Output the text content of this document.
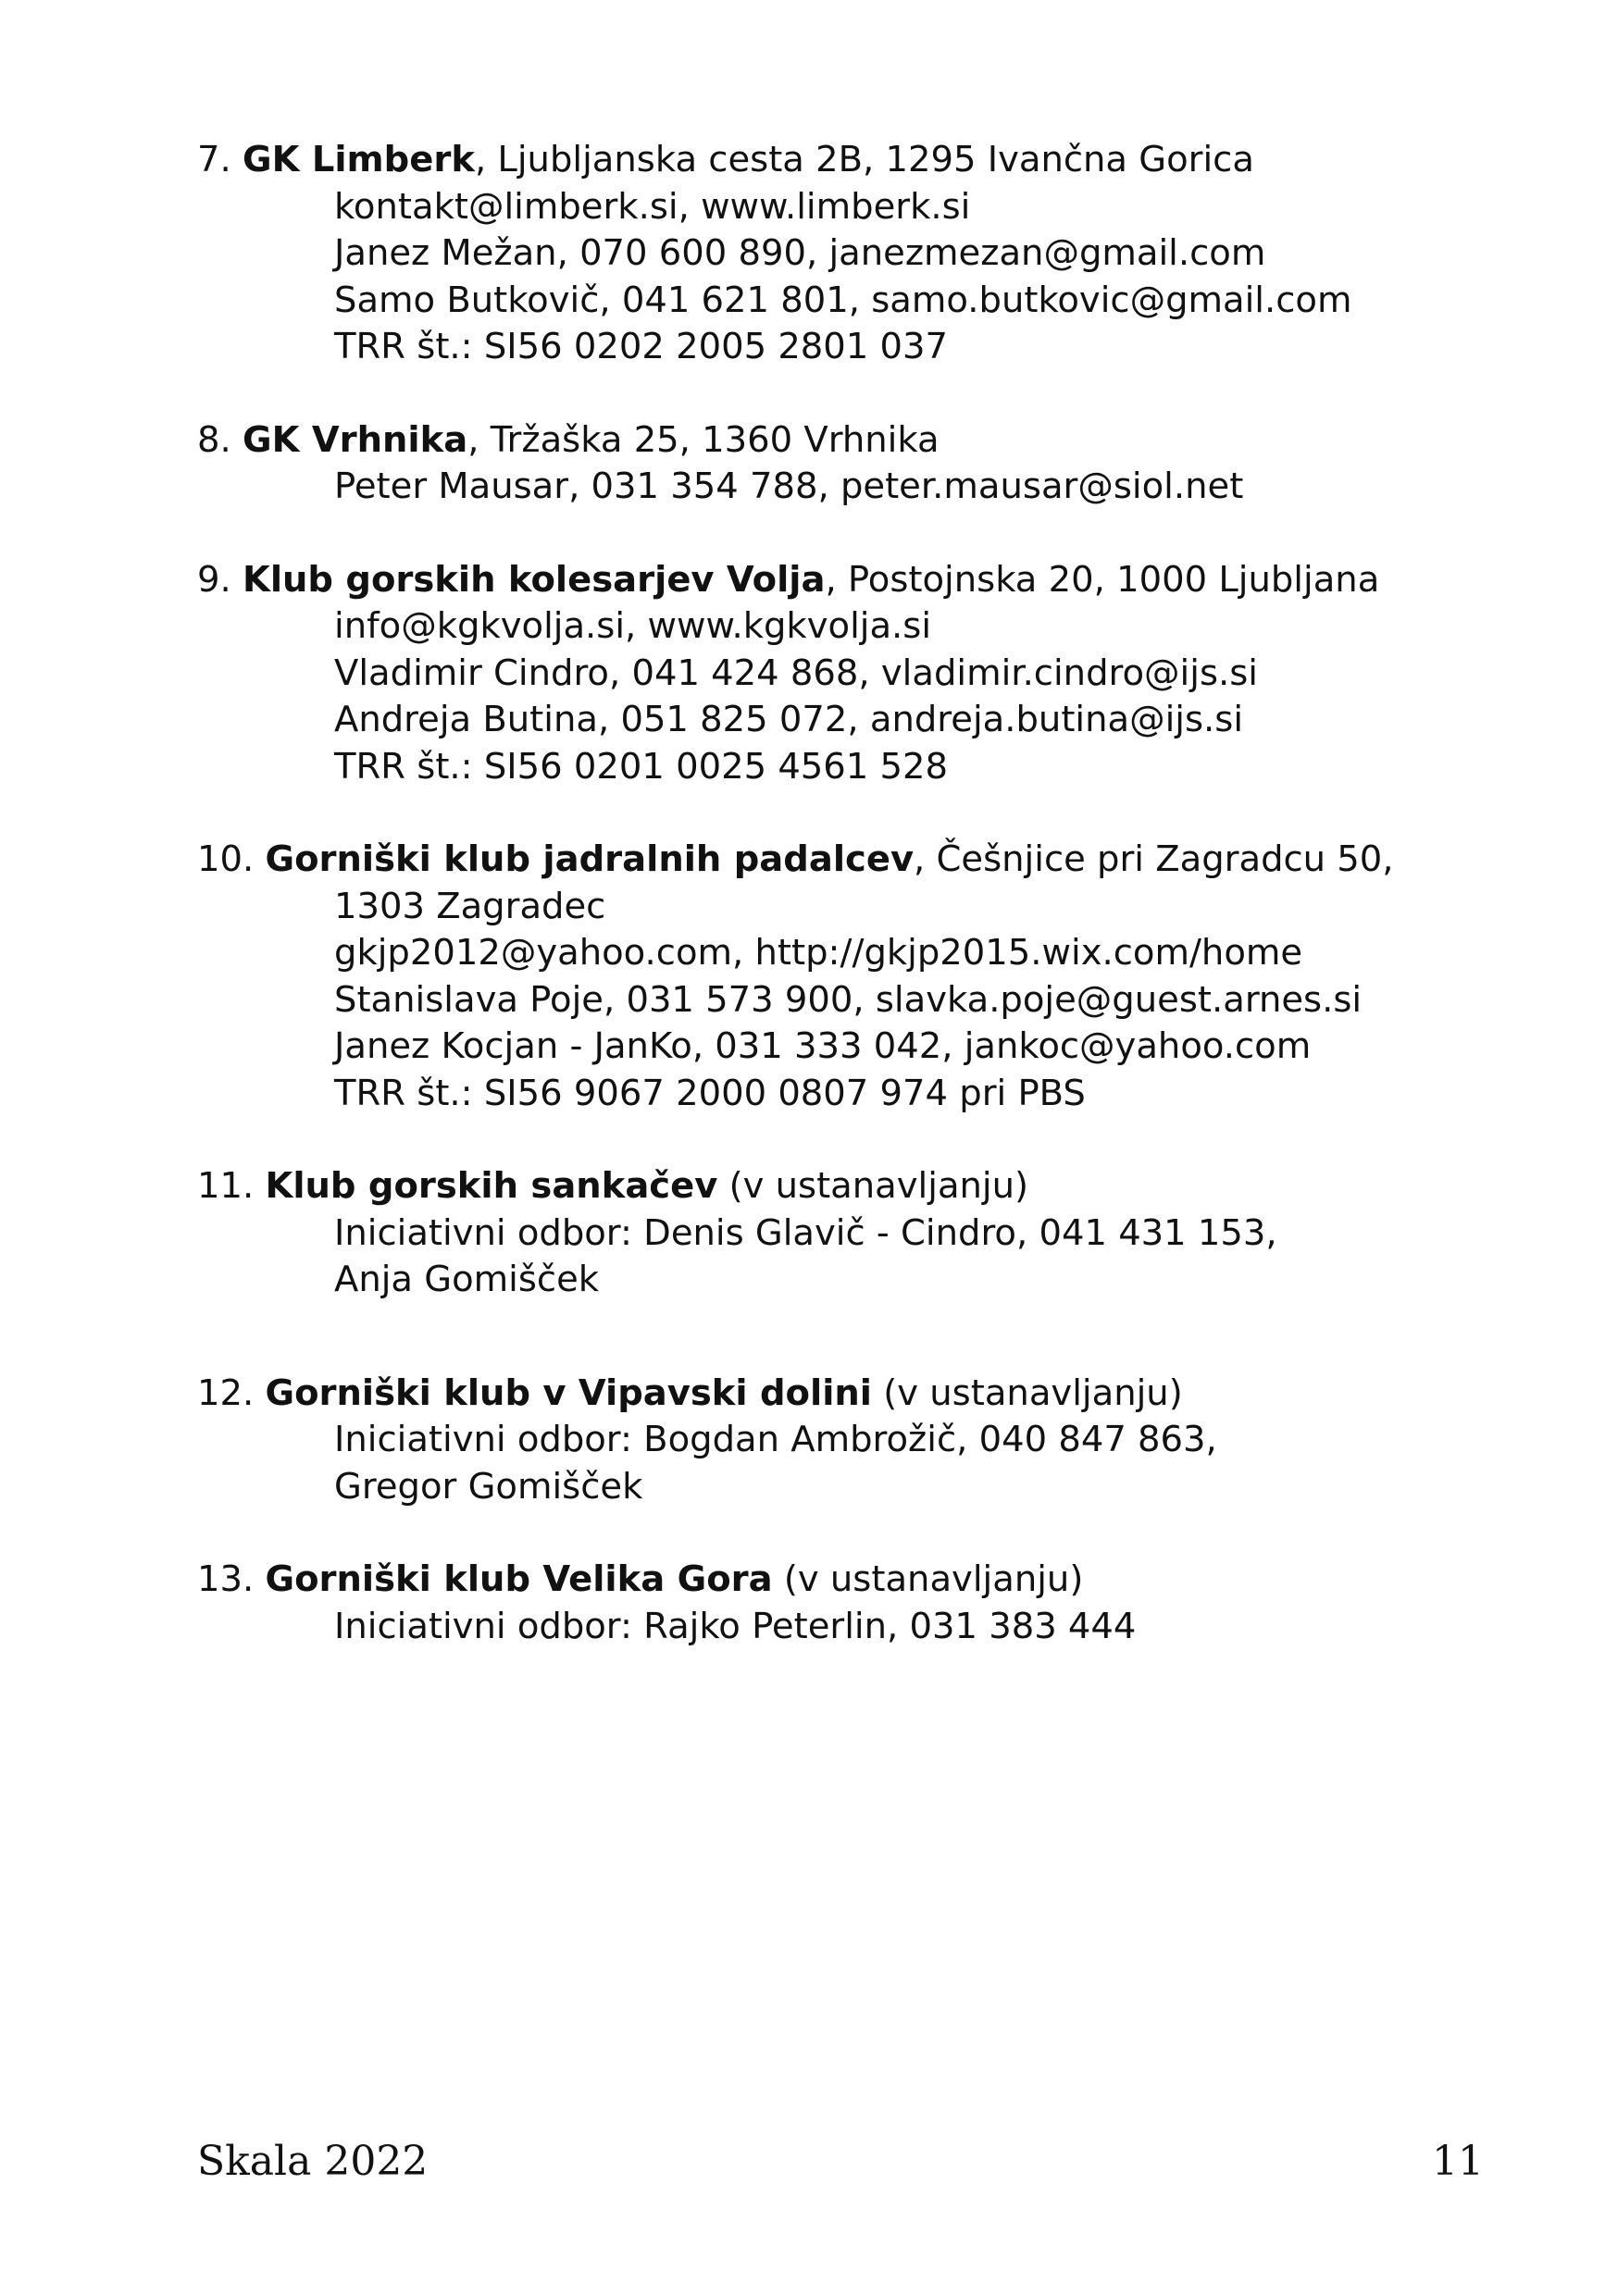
7. GK Limberk, Ljubljanska cesta 2B, 1295 Ivančna Gorica
kontakt@limberk.si, www.limberk.si
Janez Mežan, 070 600 890, janezmezan@gmail.com
Samo Butkovič, 041 621 801, samo.butkovic@gmail.com
TRR št.: SI56 0202 2005 2801 037
8. GK Vrhnika, Tržaška 25, 1360 Vrhnika
Peter Mausar, 031 354 788, peter.mausar@siol.net
9. Klub gorskih kolesarjev Volja, Postojnska 20, 1000 Ljubljana
info@kgkvolja.si, www.kgkvolja.si
Vladimir Cindro, 041 424 868, vladimir.cindro@ijs.si
Andreja Butina, 051 825 072, andreja.butina@ijs.si
TRR št.: SI56 0201 0025 4561 528
10. Gorniški klub jadralnih padalcev, Češnjice pri Zagradcu 50,
1303 Zagradec
gkjp2012@yahoo.com, http://gkjp2015.wix.com/home
Stanislava Poje, 031 573 900, slavka.poje@guest.arnes.si
Janez Kocjan - JanKo, 031 333 042, jankoc@yahoo.com
TRR št.: SI56 9067 2000 0807 974 pri PBS
11. Klub gorskih sankačev (v ustanavljanju)
Iniciativni odbor: Denis Glavič - Cindro, 041 431 153,
Anja Gomišček
12. Gorniški klub v Vipavski dolini (v ustanavljanju)
Iniciativni odbor: Bogdan Ambrožič, 040 847 863,
Gregor Gomišček
13. Gorniški klub Velika Gora (v ustanavljanju)
Iniciativni odbor: Rajko Peterlin, 031 383 444
Skala 2022	11
